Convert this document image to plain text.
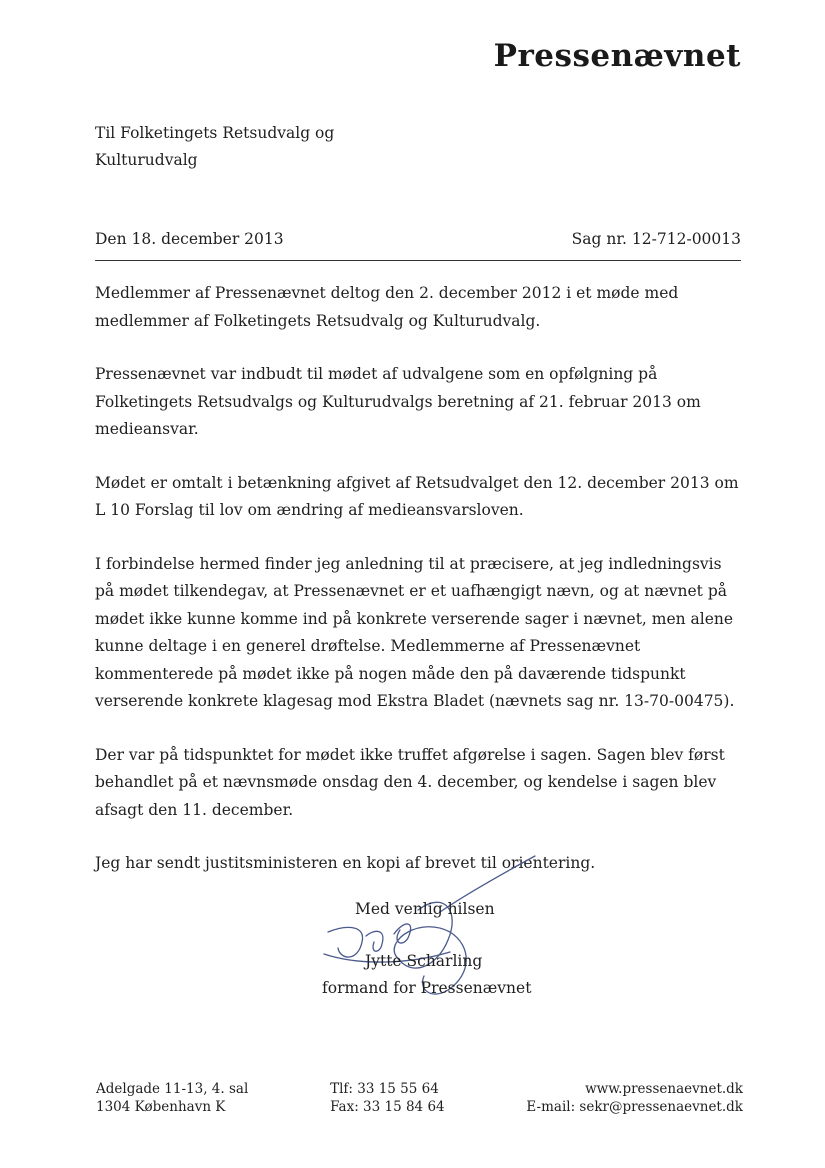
Pressenævnet
Til Folketingets Retsudvalg og
Kulturudvalg
Den 18. december 2013	Sag nr. 12-712-00013

Medlemmer af Pressenævnet deltog den 2. december 2012 i et møde med medlemmer af Folketingets Retsudvalg og Kulturudvalg.

Pressenævnet var indbudt til mødet af udvalgene som en opfølgning på Folketingets Retsudvalgs og Kulturudvalgs beretning af 21. februar 2013 om medieansvar.

Mødet er omtalt i betænkning afgivet af Retsudvalget den 12. december 2013 om L 10 Forslag til lov om ændring af medieansvarsloven.

I forbindelse hermed finder jeg anledning til at præcisere, at jeg indledningsvis på mødet tilkendegav, at Pressenævnet er et uafhængigt nævn, og at nævnet på mødet ikke kunne komme ind på konkrete verserende sager i nævnet, men alene kunne deltage i en generel drøftelse. Medlemmerne af Pressenævnet kommenterede på mødet ikke på nogen måde den på daværende tidspunkt verserende konkrete klagesag mod Ekstra Bladet (nævnets sag nr. 13-70-00475).

Der var på tidspunktet for mødet ikke truffet afgørelse i sagen. Sagen blev først behandlet på et nævnsmøde onsdag den 4. december, og kendelse i sagen blev afsagt den 11. december.

Jeg har sendt justitsministeren en kopi af brevet til orientering.

Med venlig hilsen
Jytte Scharling
formand for Pressenævnet
Adelgade 11-13, 4. sal
1304 København K
Tlf: 33 15 55 64
Fax: 33 15 84 64
www.pressenaevnet.dk
E-mail: sekr@pressenaevnet.dk
